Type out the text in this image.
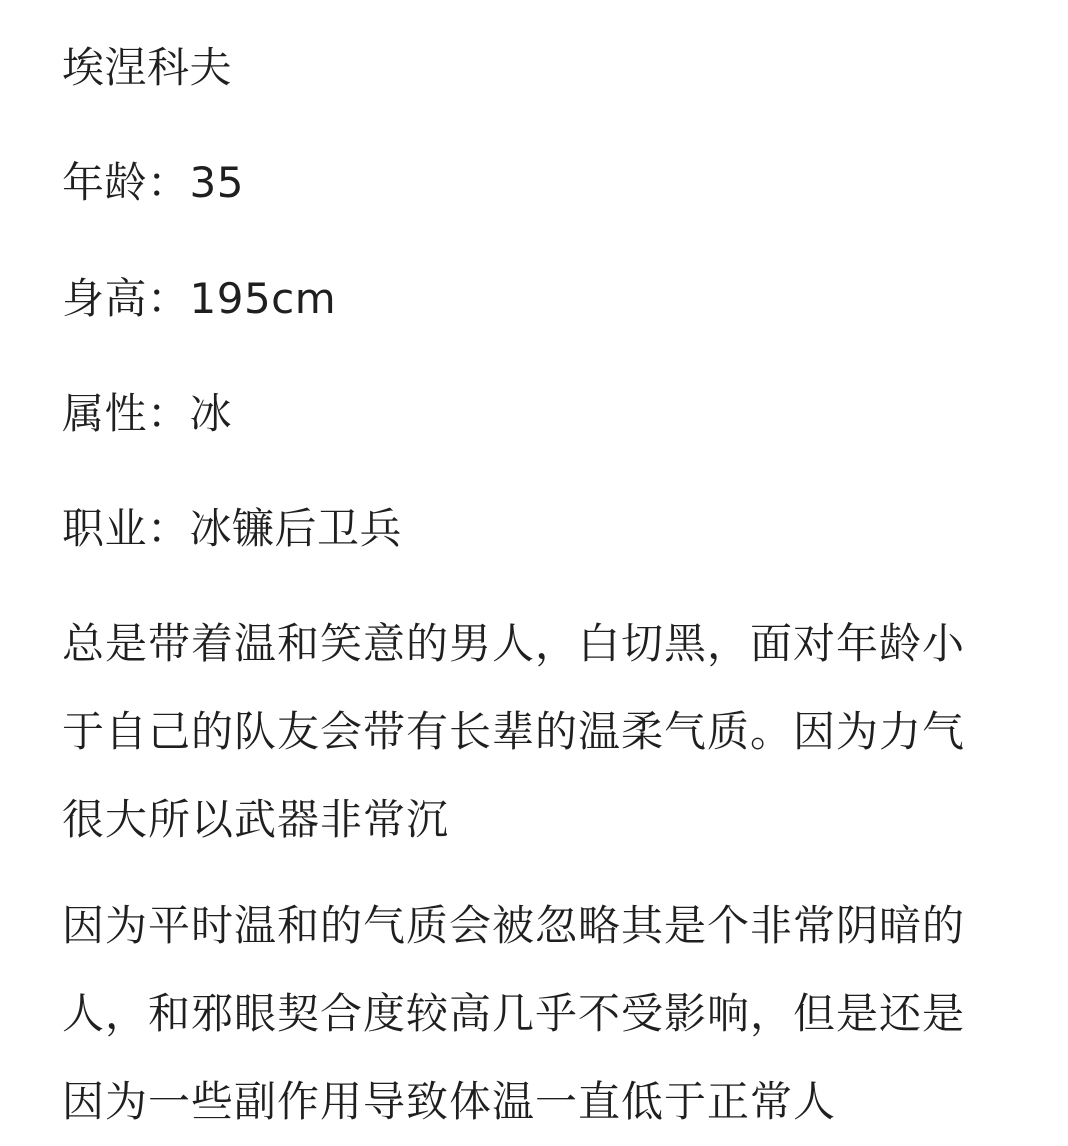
埃涅科夫
年龄：35
身高：195cm
属性：冰
职业：冰镰后卫兵
总是带着温和笑意的男人，白切黑，面对年龄小
于自己的队友会带有长辈的温柔气质。因为力气
很大所以武器非常沉
因为平时温和的气质会被忽略其是个非常阴暗的
人，和邪眼契合度较高几乎不受影响，但是还是
因为一些副作用导致体温一直低于正常人
